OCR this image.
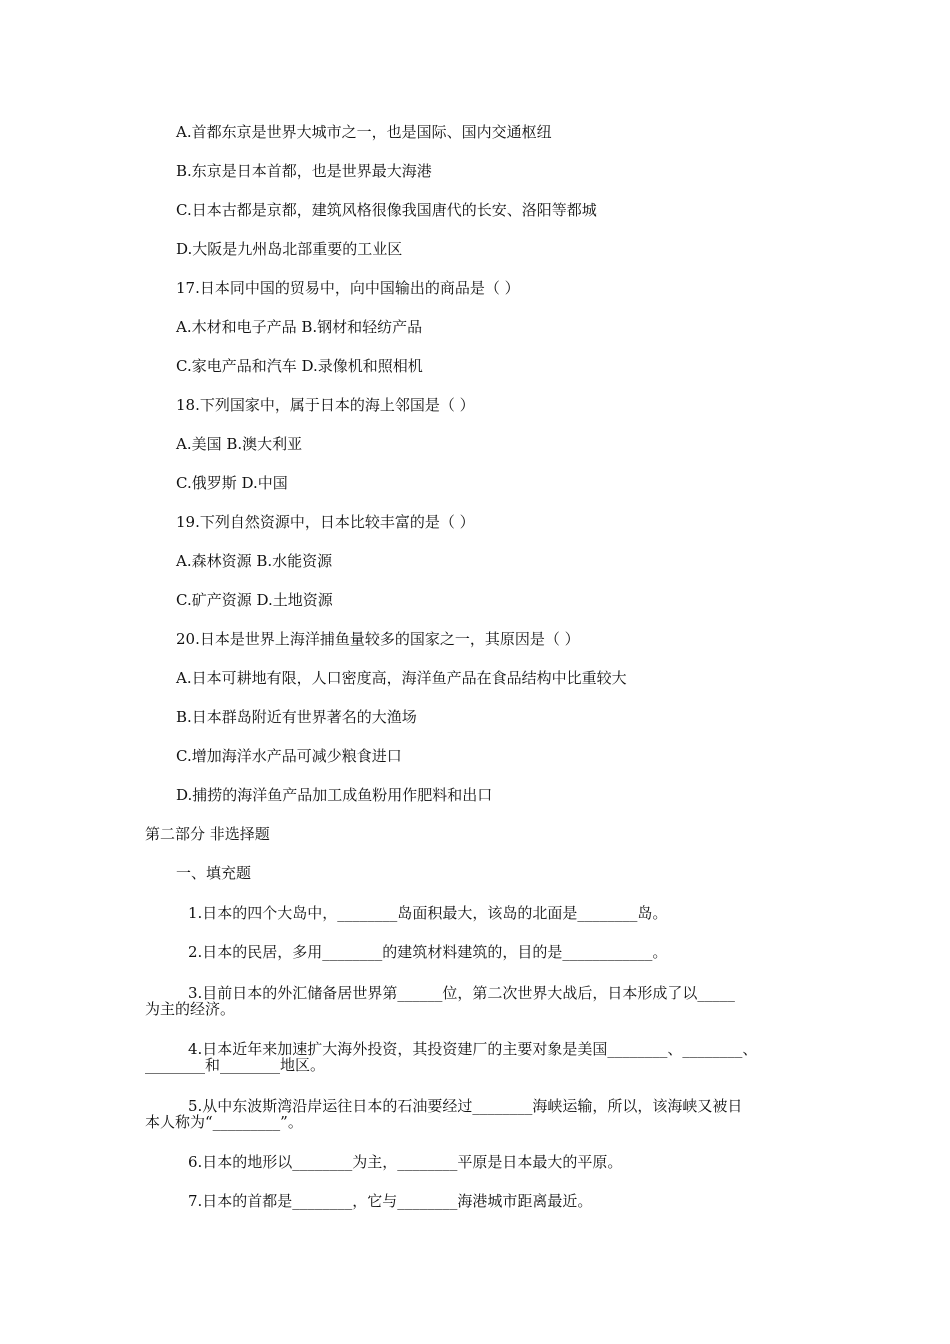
A.首都东京是世界大城市之一，也是国际、国内交通枢纽
B.东京是日本首都，也是世界最大海港
C.日本古都是京都，建筑风格很像我国唐代的长安、洛阳等都城
D.大阪是九州岛北部重要的工业区
17.日本同中国的贸易中，向中国输出的商品是（ ）
A.木材和电子产品 B.钢材和轻纺产品
C.家电产品和汽车 D.录像机和照相机
18.下列国家中，属于日本的海上邻国是（ ）
A.美国 B.澳大利亚
C.俄罗斯 D.中国
19.下列自然资源中，日本比较丰富的是（ ）
A.森林资源 B.水能资源
C.矿产资源 D.土地资源
20.日本是世界上海洋捕鱼量较多的国家之一，其原因是（ ）
A.日本可耕地有限，人口密度高，海洋鱼产品在食品结构中比重较大
B.日本群岛附近有世界著名的大渔场
C.增加海洋水产品可减少粮食进口
D.捕捞的海洋鱼产品加工成鱼粉用作肥料和出口
第二部分 非选择题
一、填充题
1.日本的四个大岛中，________岛面积最大，该岛的北面是________岛。
2.日本的民居，多用________的建筑材料建筑的，目的是____________。
3.目前日本的外汇储备居世界第______位，第二次世界大战后，日本形成了以_____
为主的经济。
4.日本近年来加速扩大海外投资，其投资建厂的主要对象是美国________、________、
________和________地区。
5.从中东波斯湾沿岸运往日本的石油要经过________海峡运输，所以，该海峡又被日
本人称为“_________”。
6.日本的地形以________为主，________平原是日本最大的平原。
7.日本的首都是________，它与________海港城市距离最近。
